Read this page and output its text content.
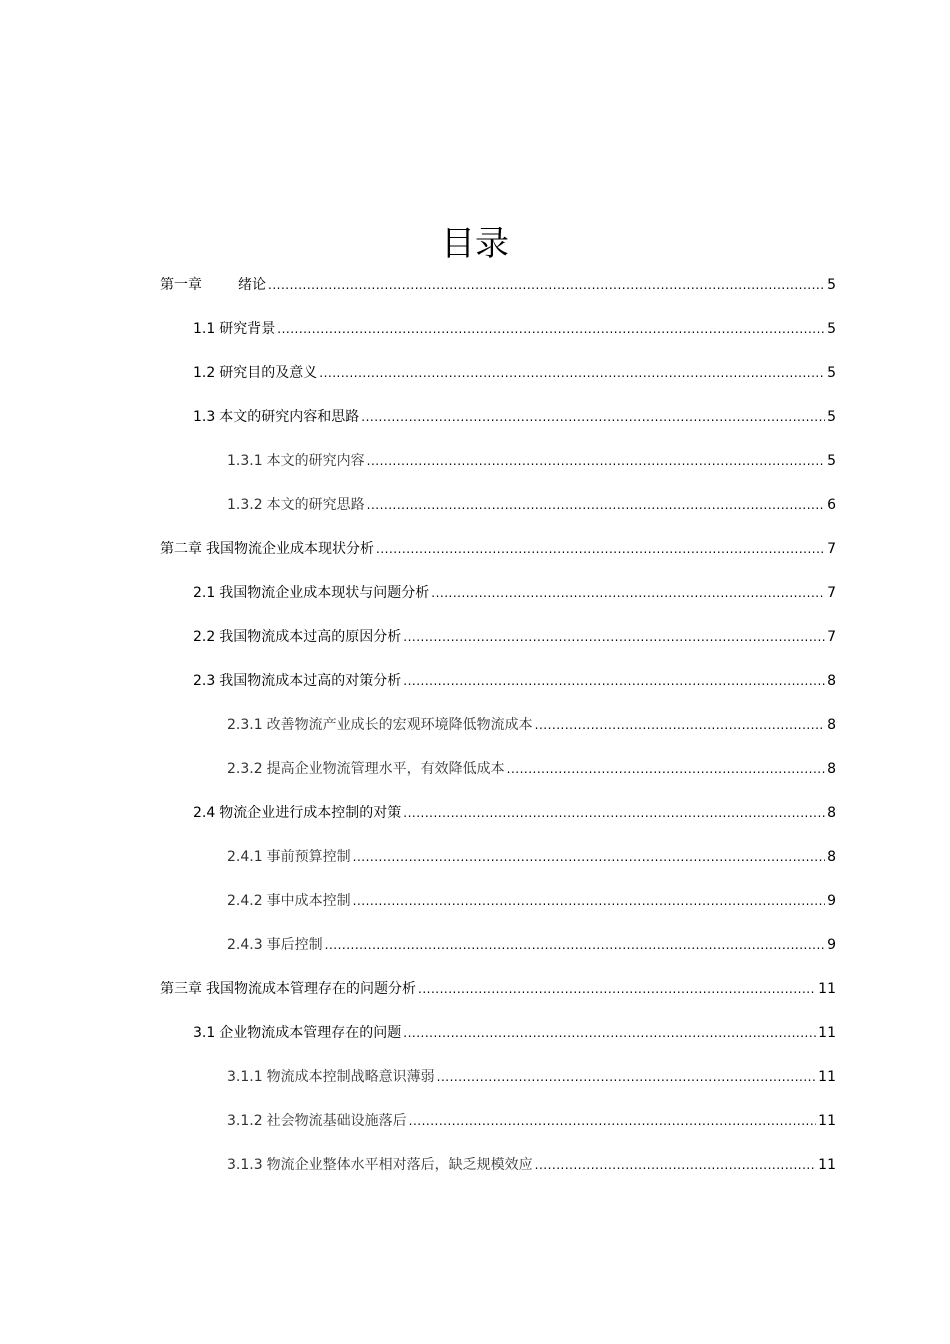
目录
第一章	绪论 .....	5
1.1 研究背景 .....	5
1.2 研究目的及意义 .....	5
1.3 本文的研究内容和思路 .....	5
1.3.1 本文的研究内容 .....	5
1.3.2 本文的研究思路 .....	6
第二章 我国物流企业成本现状分析 .....	7
2.1 我国物流企业成本现状与问题分析 .....	7
2.2 我国物流成本过高的原因分析 .....	7
2.3 我国物流成本过高的对策分析 .....	8
2.3.1 改善物流产业成长的宏观环境降低物流成本 .....	8
2.3.2 提高企业物流管理水平，有效降低成本 .....	8
2.4 物流企业进行成本控制的对策 .....	8
2.4.1 事前预算控制 .....	8
2.4.2 事中成本控制 .....	9
2.4.3 事后控制 .....	9
第三章 我国物流成本管理存在的问题分析 .....	11
3.1 企业物流成本管理存在的问题 .....	11
3.1.1 物流成本控制战略意识薄弱 .....	11
3.1.2 社会物流基础设施落后 .....	11
3.1.3 物流企业整体水平相对落后，缺乏规模效应 .....	11
